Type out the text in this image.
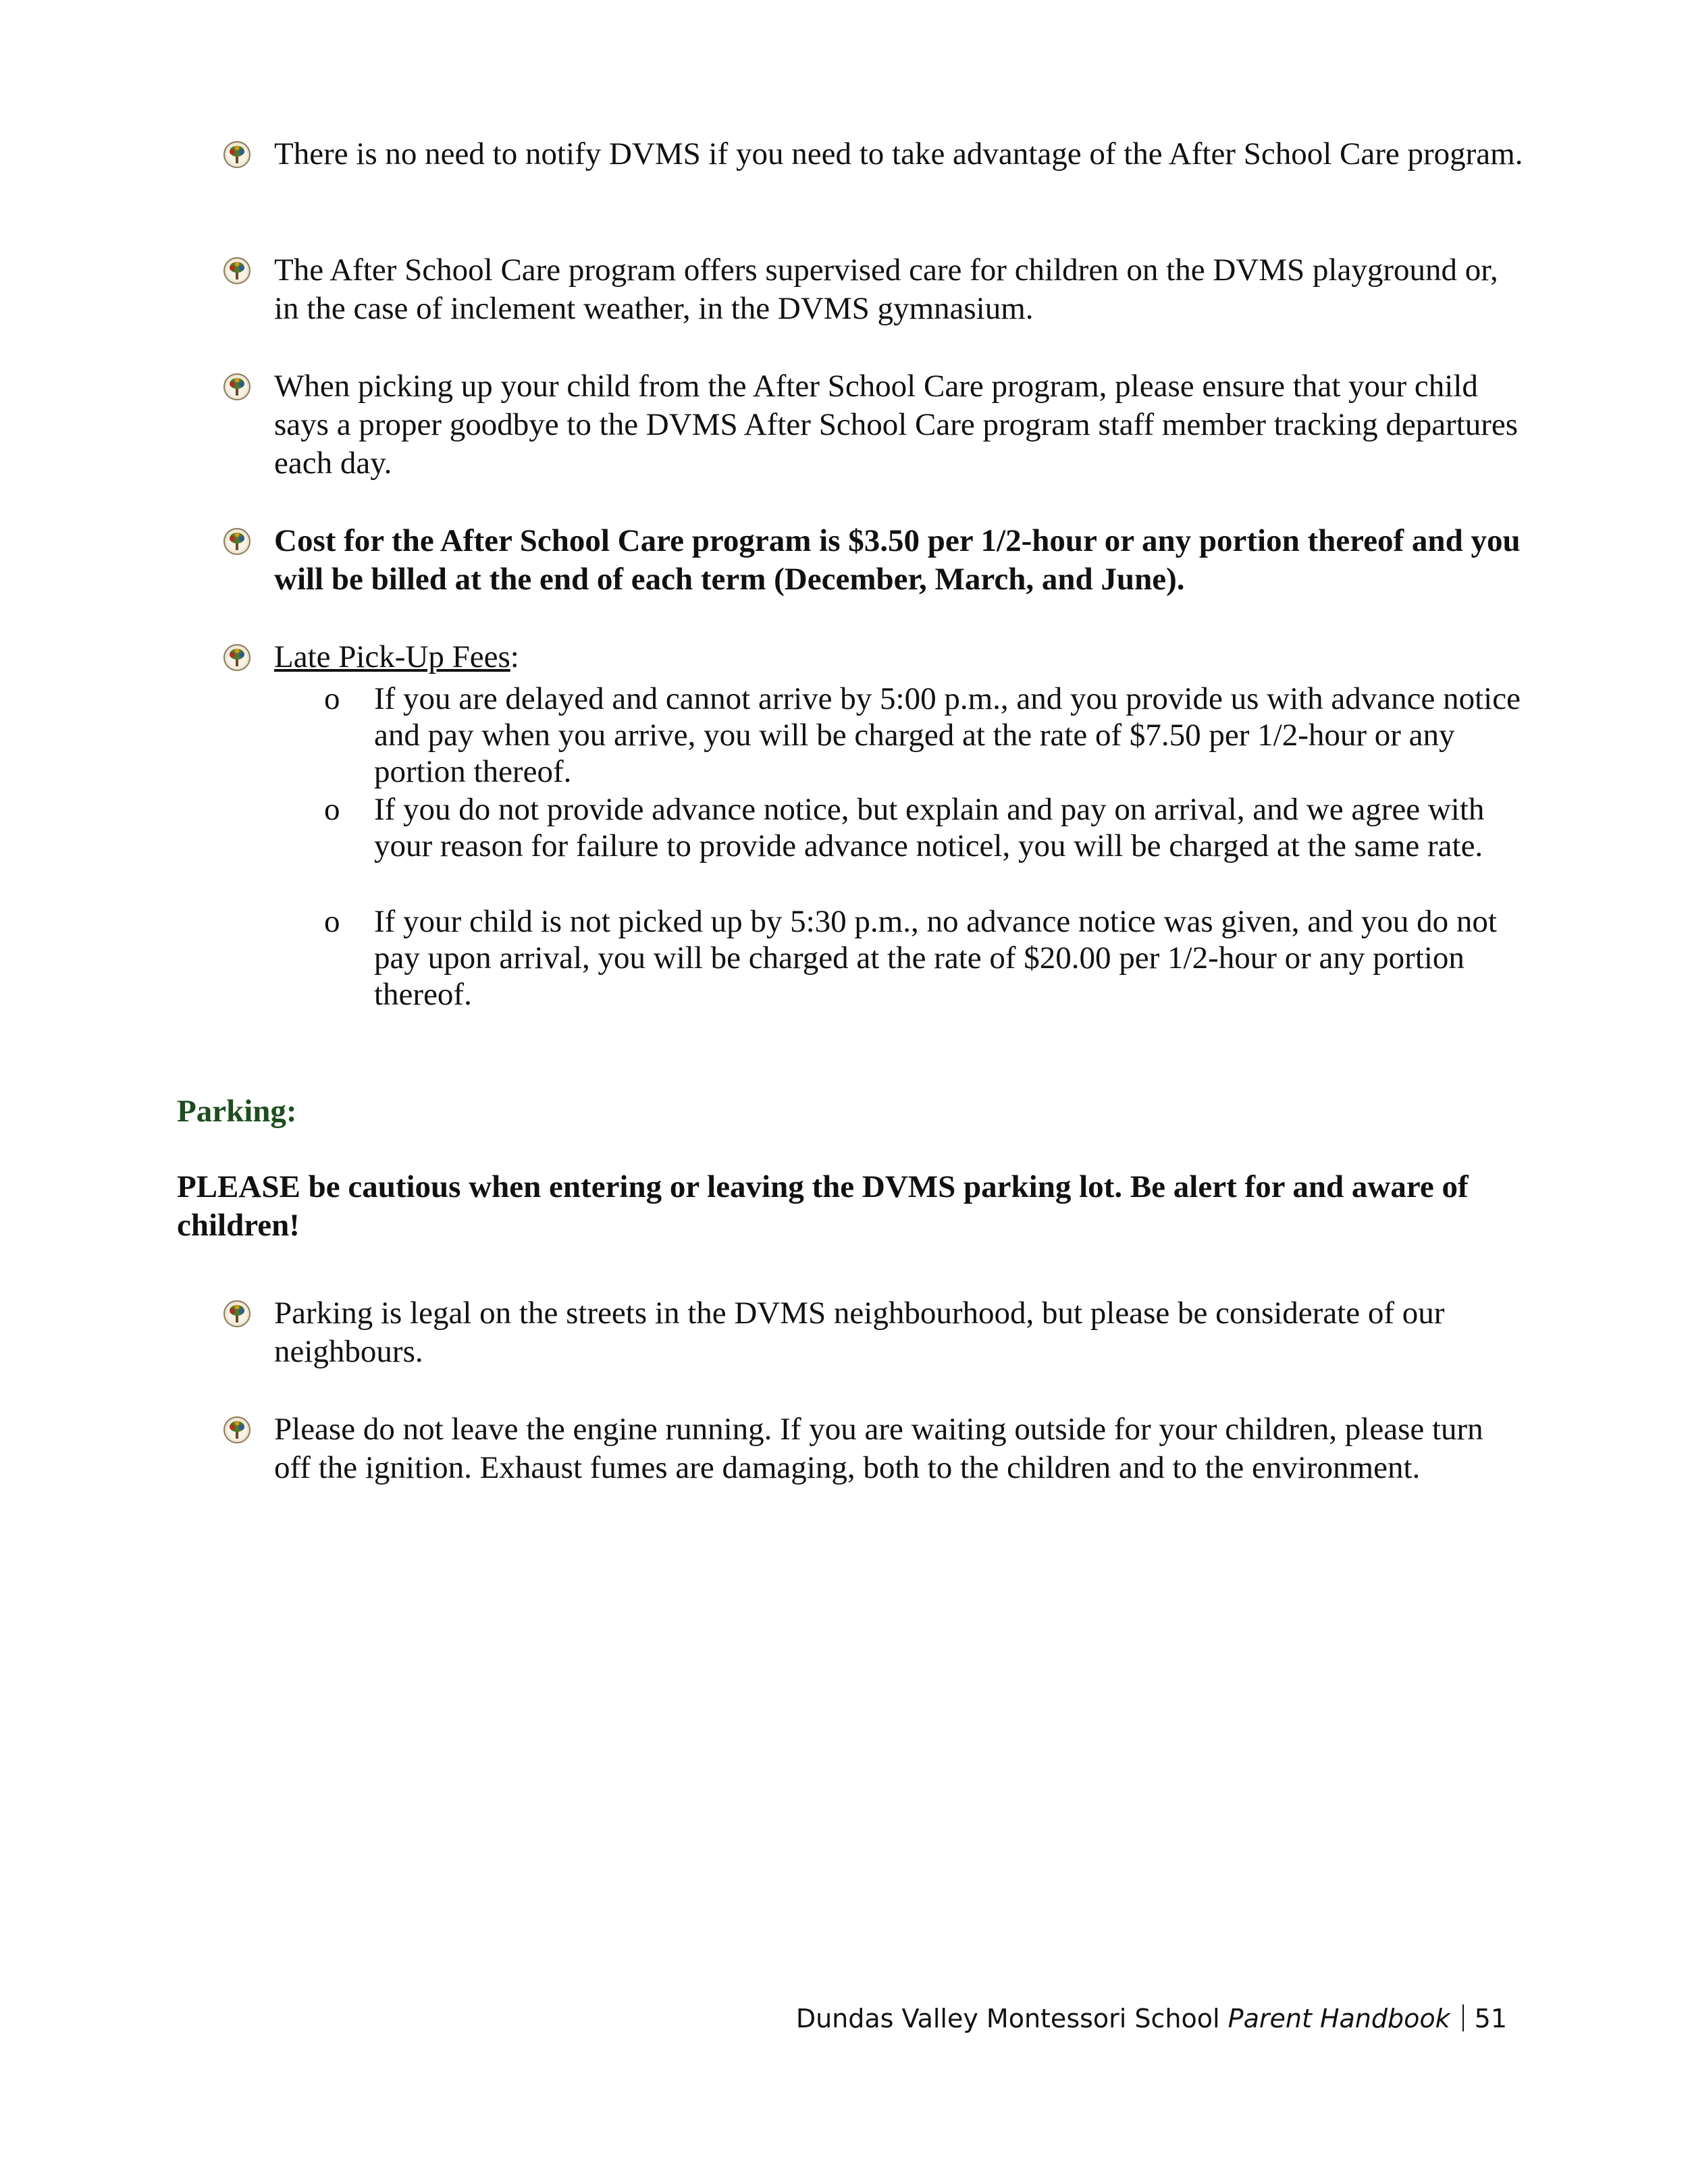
There is no need to notify DVMS if you need to take advantage of the After School Care program.
The After School Care program offers supervised care for children on the DVMS playground or, in the case of inclement weather, in the DVMS gymnasium.
When picking up your child from the After School Care program, please ensure that your child says a proper goodbye to the DVMS After School Care program staff member tracking departures each day.
Cost for the After School Care program is $3.50 per 1/2-hour or any portion thereof and you will be billed at the end of each term (December, March, and June).
Late Pick-Up Fees:
o If you are delayed and cannot arrive by 5:00 p.m., and you provide us with advance notice and pay when you arrive, you will be charged at the rate of $7.50 per 1/2-hour or any portion thereof.
o If you do not provide advance notice, but explain and pay on arrival, and we agree with your reason for failure to provide advance noticel, you will be charged at the same rate.
o If your child is not picked up by 5:30 p.m., no advance notice was given, and you do not pay upon arrival, you will be charged at the rate of $20.00 per 1/2-hour or any portion thereof.
Parking:
PLEASE be cautious when entering or leaving the DVMS parking lot. Be alert for and aware of children!
Parking is legal on the streets in the DVMS neighbourhood, but please be considerate of our neighbours.
Please do not leave the engine running. If you are waiting outside for your children, please turn off the ignition. Exhaust fumes are damaging, both to the children and to the environment.
Dundas Valley Montessori School Parent Handbook 51
